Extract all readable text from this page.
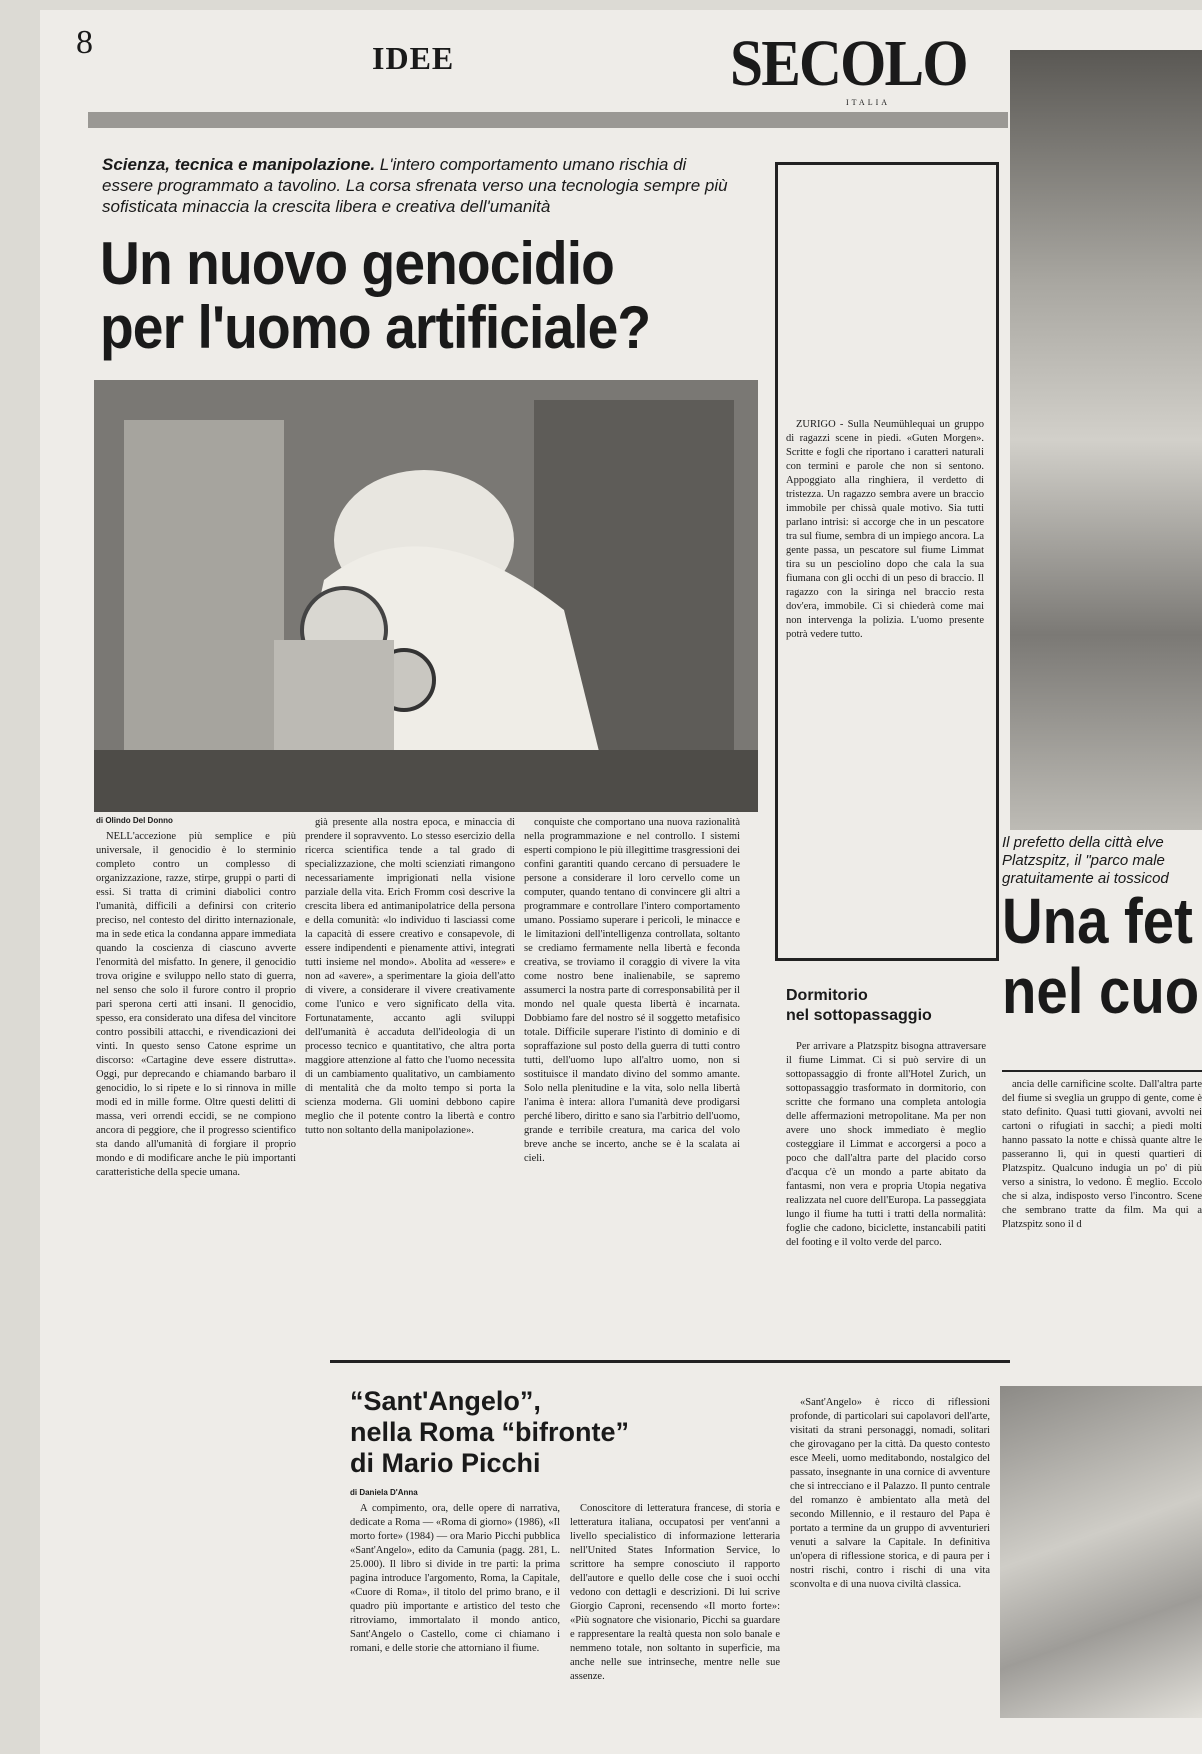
8	IDEE	SECOLO
ITALIA
Scienza, tecnica e manipolazione. L'intero comportamento umano rischia di essere programmato a tavolino. La corsa sfrenata verso una tecnologia sempre più sofisticata minaccia la crescita libera e creativa dell'umanità
Un nuovo genocidio
per l'uomo artificiale?
di Olindo Del Donno

NELL'accezione più semplice e più universale, il genocidio è lo sterminio completo contro un complesso di organizzazione, razze, stirpe, gruppi o parti di essi. Si tratta di crimini diabolici contro l'umanità, difficili a definirsi con criterio preciso, nel contesto del diritto internazionale, ma in sede etica la condanna appare immediata quando la coscienza di ciascuno avverte l'enormità del misfatto. In genere, il genocidio trova origine e sviluppo nello stato di guerra, nel senso che solo il furore contro il proprio pari sperona certi atti insani. Il genocidio, spesso, era considerato una difesa del vincitore contro possibili attacchi, e rivendicazioni dei vinti. In questo senso Catone esprime un discorso: «Cartagine deve essere distrutta». Oggi, pur deprecando e chiamando barbaro il genocidio, lo si ripete e lo si rinnova in mille modi ed in mille forme. Oltre questi delitti di massa, veri orrendi eccidi, se ne compiono ancora di peggiore, che il progresso scientifico sta dando all'umanità di forgiare il proprio mondo e di modificare anche le più importanti caratteristiche della specie umana.

già presente alla nostra epoca, e minaccia di prendere il sopravvento. Lo stesso esercizio della ricerca scientifica tende a tal grado di specializzazione, che molti scienziati rimangono necessariamente imprigionati nella visione parziale della vita. Erich Fromm così descrive la crescita libera ed antimanipolatrice della persona e della comunità: «lo individuo ti lasciassi come la capacità di essere creativo e consapevole, di essere indipendenti e pienamente attivi, integrati tutti insieme nel mondo». Abolita ad «essere» e non ad «avere», a sperimentare la gioia dell'atto di vivere, a considerare il vivere creativamente come l'unico e vero significato della vita. Fortunatamente, accanto agli sviluppi dell'umanità è accaduta dell'ideologia di un processo tecnico e quantitativo, che altra porta maggiore attenzione al fatto che l'uomo necessita di un cambiamento qualitativo, un cambiamento di mentalità che da molto tempo si porta la scienza moderna. Gli uomini debbono capire meglio che il potente contro la libertà e contro tutto non soltanto della manipolazione».

conquiste che comportano una nuova razionalità nella programmazione e nel controllo. I sistemi esperti compiono le più illegittime trasgressioni dei confini garantiti quando cercano di persuadere le persone a considerare il loro cervello come un computer, quando tentano di convincere gli altri a programmare e controllare l'intero comportamento umano. Possiamo superare i pericoli, le minacce e le limitazioni dell'intelligenza controllata, soltanto se crediamo fermamente nella libertà e feconda creativa, se troviamo il coraggio di vivere la vita come nostro bene inalienabile, se sapremo assumerci la nostra parte di corresponsabilità per il mondo nel quale questa libertà è incarnata. Dobbiamo fare del nostro sé il soggetto metafisico totale. Difficile superare l'istinto di dominio e di sopraffazione sul posto della guerra di tutti contro tutti, dell'uomo lupo all'altro uomo, non si sostituisce il mandato divino del sommo amante. Solo nella plenitudine e la vita, solo nella libertà l'anima è intera: allora l'umanità deve prodigarsi perché libero, diritto e sano sia l'arbitrio dell'uomo, grande e terribile creatura, ma carica del volo breve anche se incerto, anche se è la scalata ai cieli.

ZURIGO - Sulla Neumühlequai un gruppo di ragazzi scene in piedi. «Guten Morgen». Scritte e fogli che riportano i caratteri naturali con termini e parole che non si sentono. Appoggiato alla ringhiera, il verdetto di tristezza. Un ragazzo sembra avere un braccio immobile per chissà quale motivo. Sia tutti parlano intrisi: si accorge che in un pescatore tra sul fiume, sembra di un impiego ancora. La gente passa, un pescatore sul fiume Limmat tira su un pesciolino dopo che cala la sua fiumana con gli occhi di un peso di braccio. Il ragazzo con la siringa nel braccio resta dov'era, immobile. Ci si chiederà come mai non intervenga la polizia. L'uomo presente potrà vedere tutto.

Dormitorio
nel sottopassaggio

Per arrivare a Platzspitz bisogna attraversare il fiume Limmat. Ci si può servire di un sottopassaggio di fronte all'Hotel Zurich, un sottopassaggio trasformato in dormitorio, con scritte che formano una completa antologia delle affermazioni metropolitane. Ma per non avere uno shock immediato è meglio costeggiare il Limmat e accorgersi a poco a poco che dall'altra parte del placido corso d'acqua c'è un mondo a parte abitato da fantasmi, non vera e propria Utopia negativa realizzata nel cuore dell'Europa. La passeggiata lungo il fiume ha tutti i tratti della normalità: foglie che cadono, biciclette, instancabili patiti del footing e il volto verde del parco.

Il prefetto della città elve
Platzspitz, il "parco male
gratuitamente ai tossicod
Una fet
nel cuo

ancia delle carnificine scolte. Dall'altra parte del fiume si sveglia un gruppo di gente, come è stato definito. Quasi tutti giovani, avvolti nei cartoni o rifugiati in sacchi; a piedi molti hanno passato la notte e chissà quante altre le passeranno lì, qui in questi quartieri di Platzspitz. Qualcuno indugia un po' di più verso a sinistra, lo vedono. È meglio. Eccolo che si alza, indisposto verso l'incontro. Scene che sembrano tratte da film. Ma qui a Platzspitz sono il d

“Sant'Angelo”,
nella Roma “bifronte”
di Mario Picchi
di Daniela D'Anna

A compimento, ora, delle opere di narrativa, dedicate a Roma — «Roma di giorno» (1986), «Il morto forte» (1984) — ora Mario Picchi pubblica «Sant'Angelo», edito da Camunia (pagg. 281, L. 25.000). Il libro si divide in tre parti: la prima pagina introduce l'argomento, Roma, la Capitale, «Cuore di Roma», il titolo del primo brano, e il quadro più importante e artistico del testo che ritroviamo, immortalato il mondo antico, Sant'Angelo o Castello, come ci chiamano i romani, e delle storie che attorniano il fiume.

Conoscitore di letteratura francese, di storia e letteratura italiana, occupatosi per vent'anni a livello specialistico di informazione letteraria nell'United States Information Service, lo scrittore ha sempre conosciuto il rapporto dell'autore e quello delle cose che i suoi occhi vedono con dettagli e descrizioni. Di lui scrive Giorgio Caproni, recensendo «Il morto forte»: «Più sognatore che visionario, Picchi sa guardare e rappresentare la realtà questa non solo banale e nemmeno totale, non soltanto in superficie, ma anche nelle sue intrinseche, mentre nelle sue assenze.

«Sant'Angelo» è ricco di riflessioni profonde, di particolari sui capolavori dell'arte, visitati da strani personaggi, nomadi, solitari che girovagano per la città. Da questo contesto esce Meeli, uomo meditabondo, nostalgico del passato, insegnante in una cornice di avventure che si intrecciano e il Palazzo. Il punto centrale del romanzo è ambientato alla metà del secondo Millennio, e il restauro del Papa è portato a termine da un gruppo di avventurieri venuti a salvare la Capitale. In definitiva un'opera di riflessione storica, e di paura per i nostri rischi, contro i rischi di una vita sconvolta e di una nuova civiltà classica.
